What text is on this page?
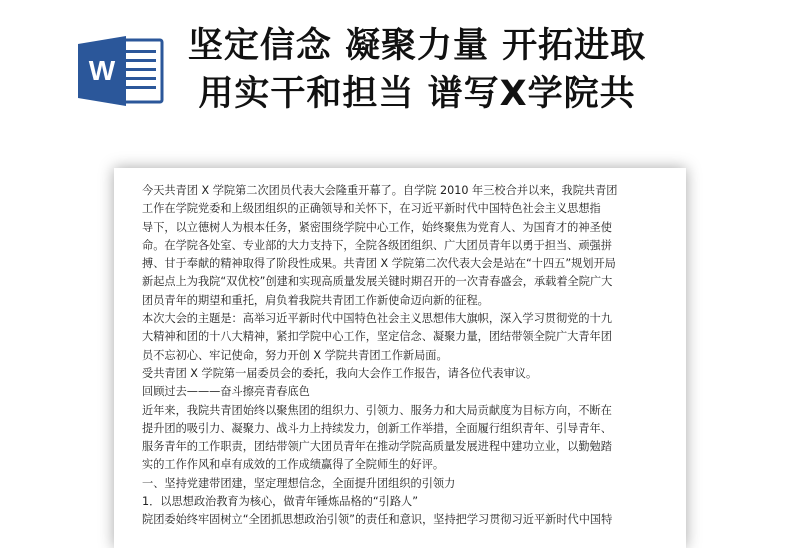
W
坚定信念 凝聚力量 开拓进取
用实干和担当 谱写X学院共
今天共青团 X 学院第二次团员代表大会隆重开幕了。自学院 2010 年三校合并以来，我院共青团
工作在学院党委和上级团组织的正确领导和关怀下，在习近平新时代中国特色社会主义思想指
导下，以立德树人为根本任务，紧密围绕学院中心工作，始终聚焦为党育人、为国育才的神圣使
命。在学院各处室、专业部的大力支持下，全院各级团组织、广大团员青年以勇于担当、顽强拼
搏、甘于奉献的精神取得了阶段性成果。共青团 X 学院第二次代表大会是站在“十四五”规划开局
新起点上为我院“双优校”创建和实现高质量发展关键时期召开的一次青春盛会，承载着全院广大
团员青年的期望和重托，肩负着我院共青团工作新使命迈向新的征程。
本次大会的主题是：高举习近平新时代中国特色社会主义思想伟大旗帜，深入学习贯彻党的十九
大精神和团的十八大精神，紧扣学院中心工作，坚定信念、凝聚力量，团结带领全院广大青年团
员不忘初心、牢记使命，努力开创 X 学院共青团工作新局面。
受共青团 X 学院第一届委员会的委托，我向大会作工作报告，请各位代表审议。
回顾过去———奋斗擦亮青春底色
近年来，我院共青团始终以聚焦团的组织力、引领力、服务力和大局贡献度为目标方向，不断在
提升团的吸引力、凝聚力、战斗力上持续发力，创新工作举措，全面履行组织青年、引导青年、
服务青年的工作职责，团结带领广大团员青年在推动学院高质量发展进程中建功立业，以勤勉踏
实的工作作风和卓有成效的工作成绩赢得了全院师生的好评。
一、坚持党建带团建，坚定理想信念，全面提升团组织的引领力
1．以思想政治教育为核心，做青年锤炼品格的“引路人”
院团委始终牢固树立“全团抓思想政治引领”的责任和意识，坚持把学习贯彻习近平新时代中国特
